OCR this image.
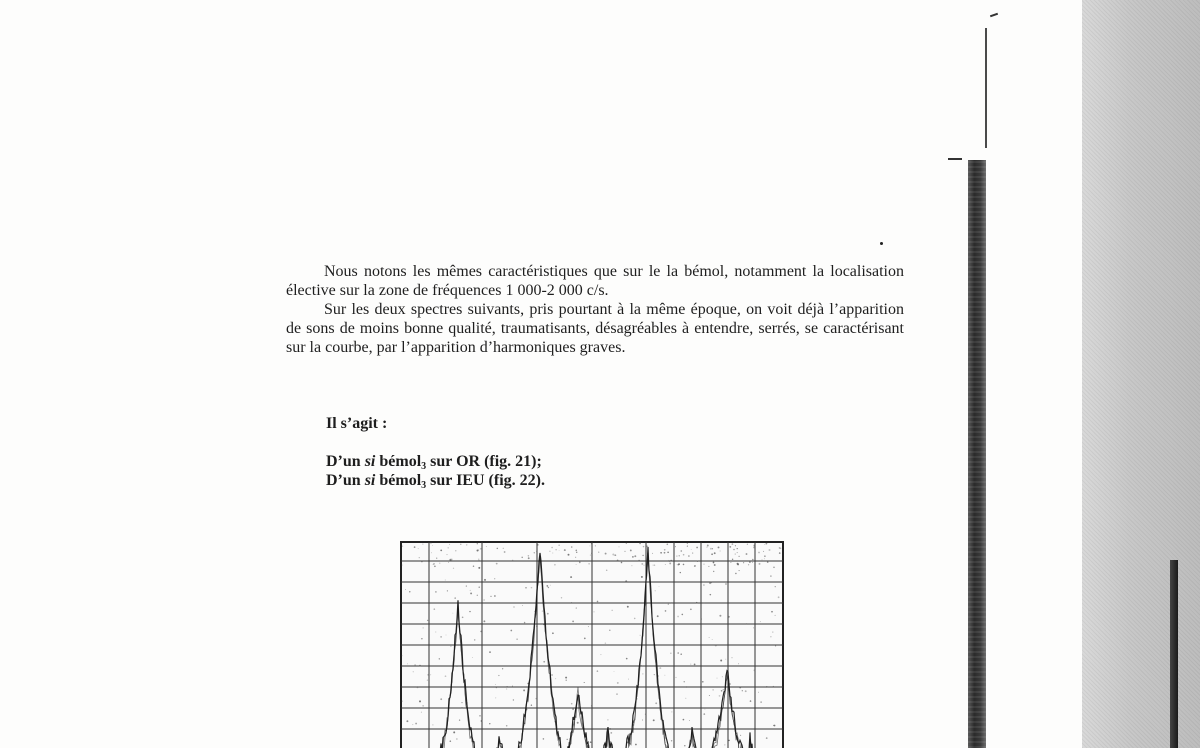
Nous notons les mêmes caractéristiques que sur le la bémol, notamment la localisation élective sur la zone de fréquences 1 000-2 000 c/s.

Sur les deux spectres suivants, pris pourtant à la même époque, on voit déjà l’apparition de sons de moins bonne qualité, traumatisants, désagréables à entendre, serrés, se caractérisant sur la courbe, par l’apparition d’harmoniques graves.

Il s’agit :
D’un si bémol$_3$ sur OR (fig. 21);
D’un si bémol$_3$ sur IEU (fig. 22).
